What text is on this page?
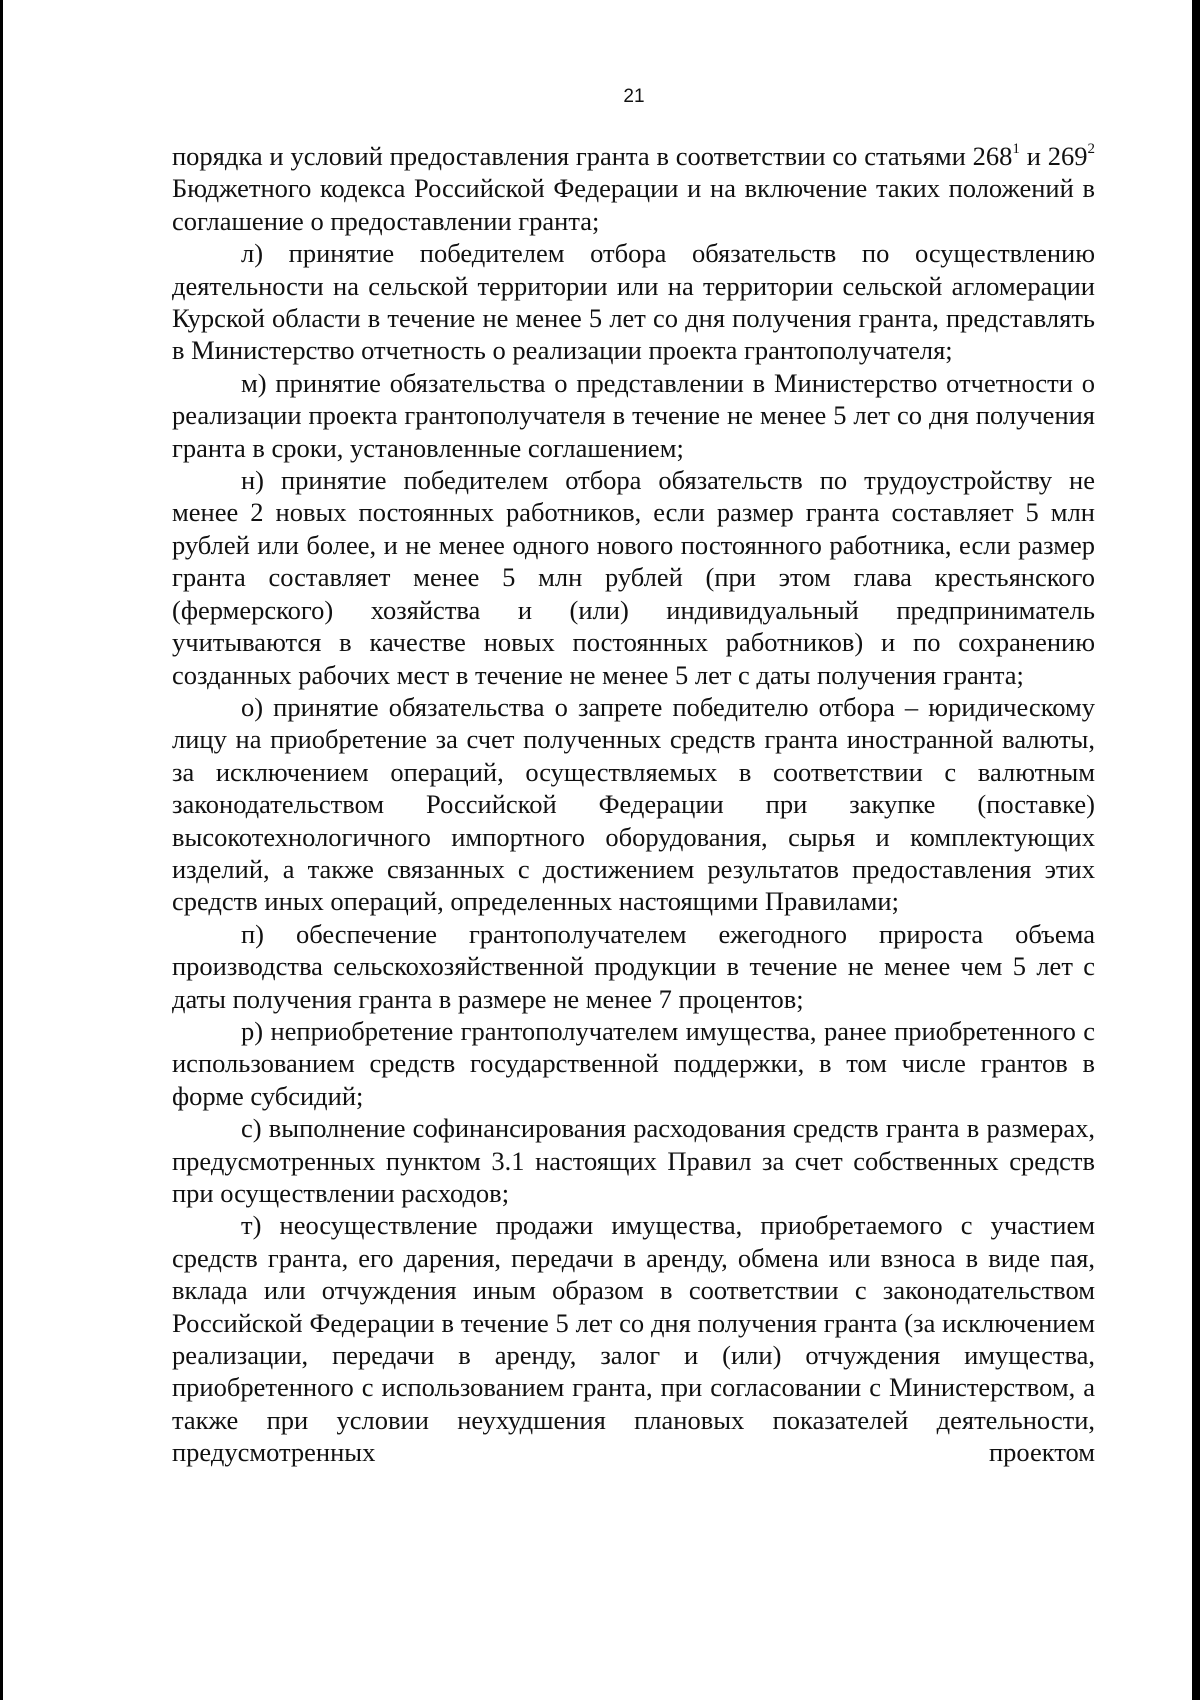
21

порядка и условий предоставления гранта в соответствии со статьями $268^1$ и $269^2$ Бюджетного кодекса Российской Федерации и на включение таких положений в соглашение о предоставлении гранта;

л) принятие победителем отбора обязательств по осуществлению деятельности на сельской территории или на территории сельской агломерации Курской области в течение не менее 5 лет со дня получения гранта, представлять в Министерство отчетность о реализации проекта грантополучателя;

м) принятие обязательства о представлении в Министерство отчетности о реализации проекта грантополучателя в течение не менее 5 лет со дня получения гранта в сроки, установленные соглашением;

н) принятие победителем отбора обязательств по трудоустройству не менее 2 новых постоянных работников, если размер гранта составляет 5 млн рублей или более, и не менее одного нового постоянного работника, если размер гранта составляет менее 5 млн рублей (при этом глава крестьянского (фермерского) хозяйства и (или) индивидуальный предприниматель учитываются в качестве новых постоянных работников) и по сохранению созданных рабочих мест в течение не менее 5 лет с даты получения гранта;

о) принятие обязательства о запрете победителю отбора – юридическому лицу на приобретение за счет полученных средств гранта иностранной валюты, за исключением операций, осуществляемых в соответствии с валютным законодательством Российской Федерации при закупке (поставке) высокотехнологичного импортного оборудования, сырья и комплектующих изделий, а также связанных с достижением результатов предоставления этих средств иных операций, определенных настоящими Правилами;

п) обеспечение грантополучателем ежегодного прироста объема производства сельскохозяйственной продукции в течение не менее чем 5 лет с даты получения гранта в размере не менее 7 процентов;

р) неприобретение грантополучателем имущества, ранее приобретенного с использованием средств государственной поддержки, в том числе грантов в форме субсидий;

с) выполнение софинансирования расходования средств гранта в размерах, предусмотренных пунктом 3.1 настоящих Правил за счет собственных средств при осуществлении расходов;

т) неосуществление продажи имущества, приобретаемого с участием средств гранта, его дарения, передачи в аренду, обмена или взноса в виде пая, вклада или отчуждения иным образом в соответствии с законодательством Российской Федерации в течение 5 лет со дня получения гранта (за исключением реализации, передачи в аренду, залог и (или) отчуждения имущества, приобретенного с использованием гранта, при согласовании с Министерством, а также при условии неухудшения плановых показателей деятельности, предусмотренных проектом
